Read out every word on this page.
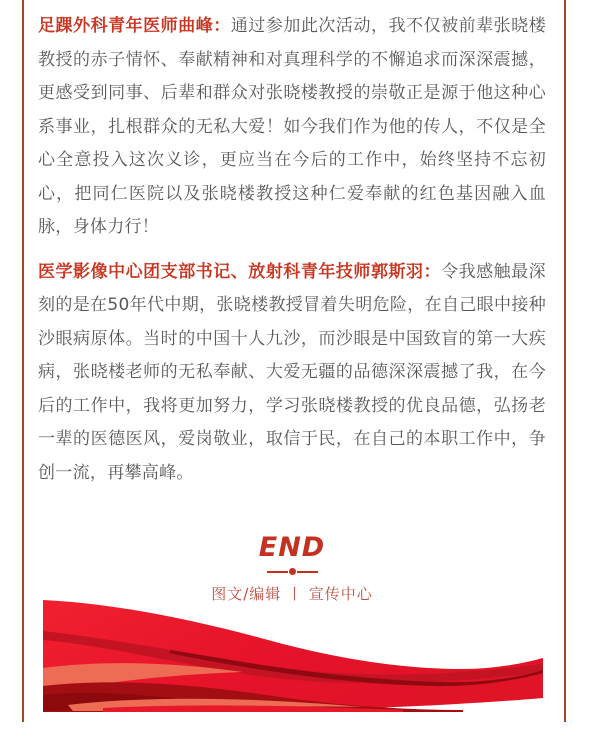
足踝外科青年医师曲峰：通过参加此次活动，我不仅被前辈张晓楼教授的赤子情怀、奉献精神和对真理科学的不懈追求而深深震撼，更感受到同事、后辈和群众对张晓楼教授的崇敬正是源于他这种心系事业，扎根群众的无私大爱！如今我们作为他的传人，不仅是全心全意投入这次义诊，更应当在今后的工作中，始终坚持不忘初心，把同仁医院以及张晓楼教授这种仁爱奉献的红色基因融入血脉，身体力行！

医学影像中心团支部书记、放射科青年技师郭斯羽：令我感触最深刻的是在50年代中期，张晓楼教授冒着失明危险，在自己眼中接种沙眼病原体。当时的中国十人九沙，而沙眼是中国致盲的第一大疾病，张晓楼老师的无私奉献、大爱无疆的品德深深震撼了我，在今后的工作中，我将更加努力，学习张晓楼教授的优良品德，弘扬老一辈的医德医风，爱岗敬业，取信于民，在自己的本职工作中，争创一流，再攀高峰。

END
图文/编辑 丨 宣传中心
